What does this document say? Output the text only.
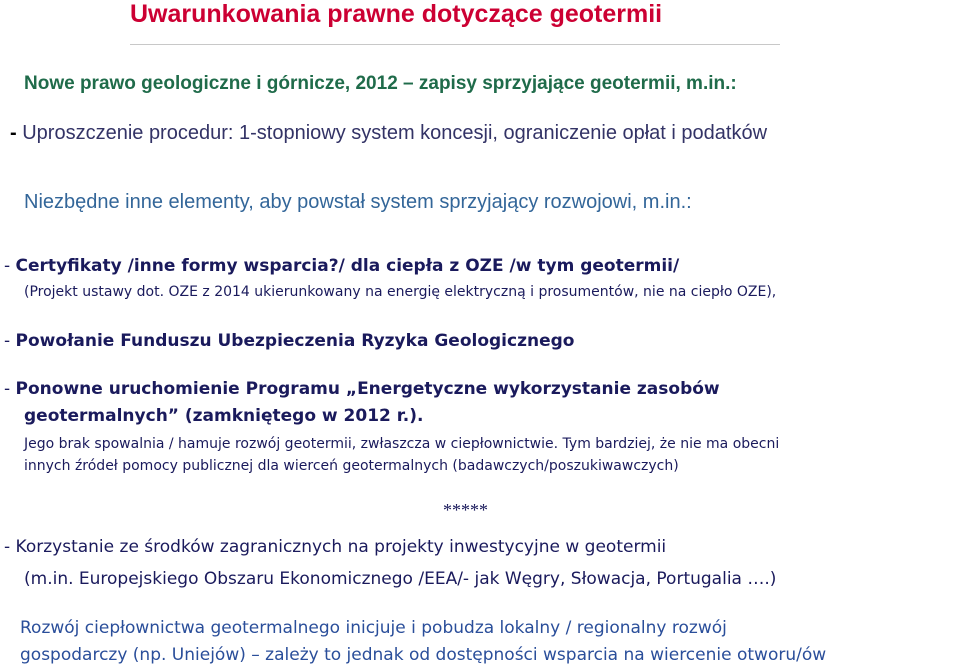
Uwarunkowania prawne dotyczące geotermii
Nowe prawo geologiczne i górnicze, 2012 – zapisy sprzyjające geotermii, m.in.:
- Uproszczenie procedur: 1-stopniowy system koncesji, ograniczenie opłat i podatków
Niezbędne inne elementy, aby powstał system sprzyjający rozwojowi, m.in.:
- Certyfikaty /inne formy wsparcia?/ dla ciepła z OZE /w tym geotermii/
(Projekt ustawy dot. OZE z 2014 ukierunkowany na energię elektryczną i prosumentów, nie na ciepło OZE),
- Powołanie Funduszu Ubezpieczenia Ryzyka Geologicznego
- Ponowne uruchomienie Programu „Energetyczne wykorzystanie zasobów
geotermalnych” (zamkniętego w 2012 r.).
Jego brak spowalnia / hamuje rozwój geotermii, zwłaszcza w ciepłownictwie. Tym bardziej, że nie ma obecni
innych źródeł pomocy publicznej dla wierceń geotermalnych (badawczych/poszukiwawczych)
*****
- Korzystanie ze środków zagranicznych na projekty inwestycyjne w geotermii
(m.in. Europejskiego Obszaru Ekonomicznego /EEA/- jak Węgry, Słowacja, Portugalia ….)
Rozwój ciepłownictwa geotermalnego inicjuje i pobudza lokalny / regionalny rozwój
gospodarczy (np. Uniejów) – zależy to jednak od dostępności wsparcia na wiercenie otworu/ów
